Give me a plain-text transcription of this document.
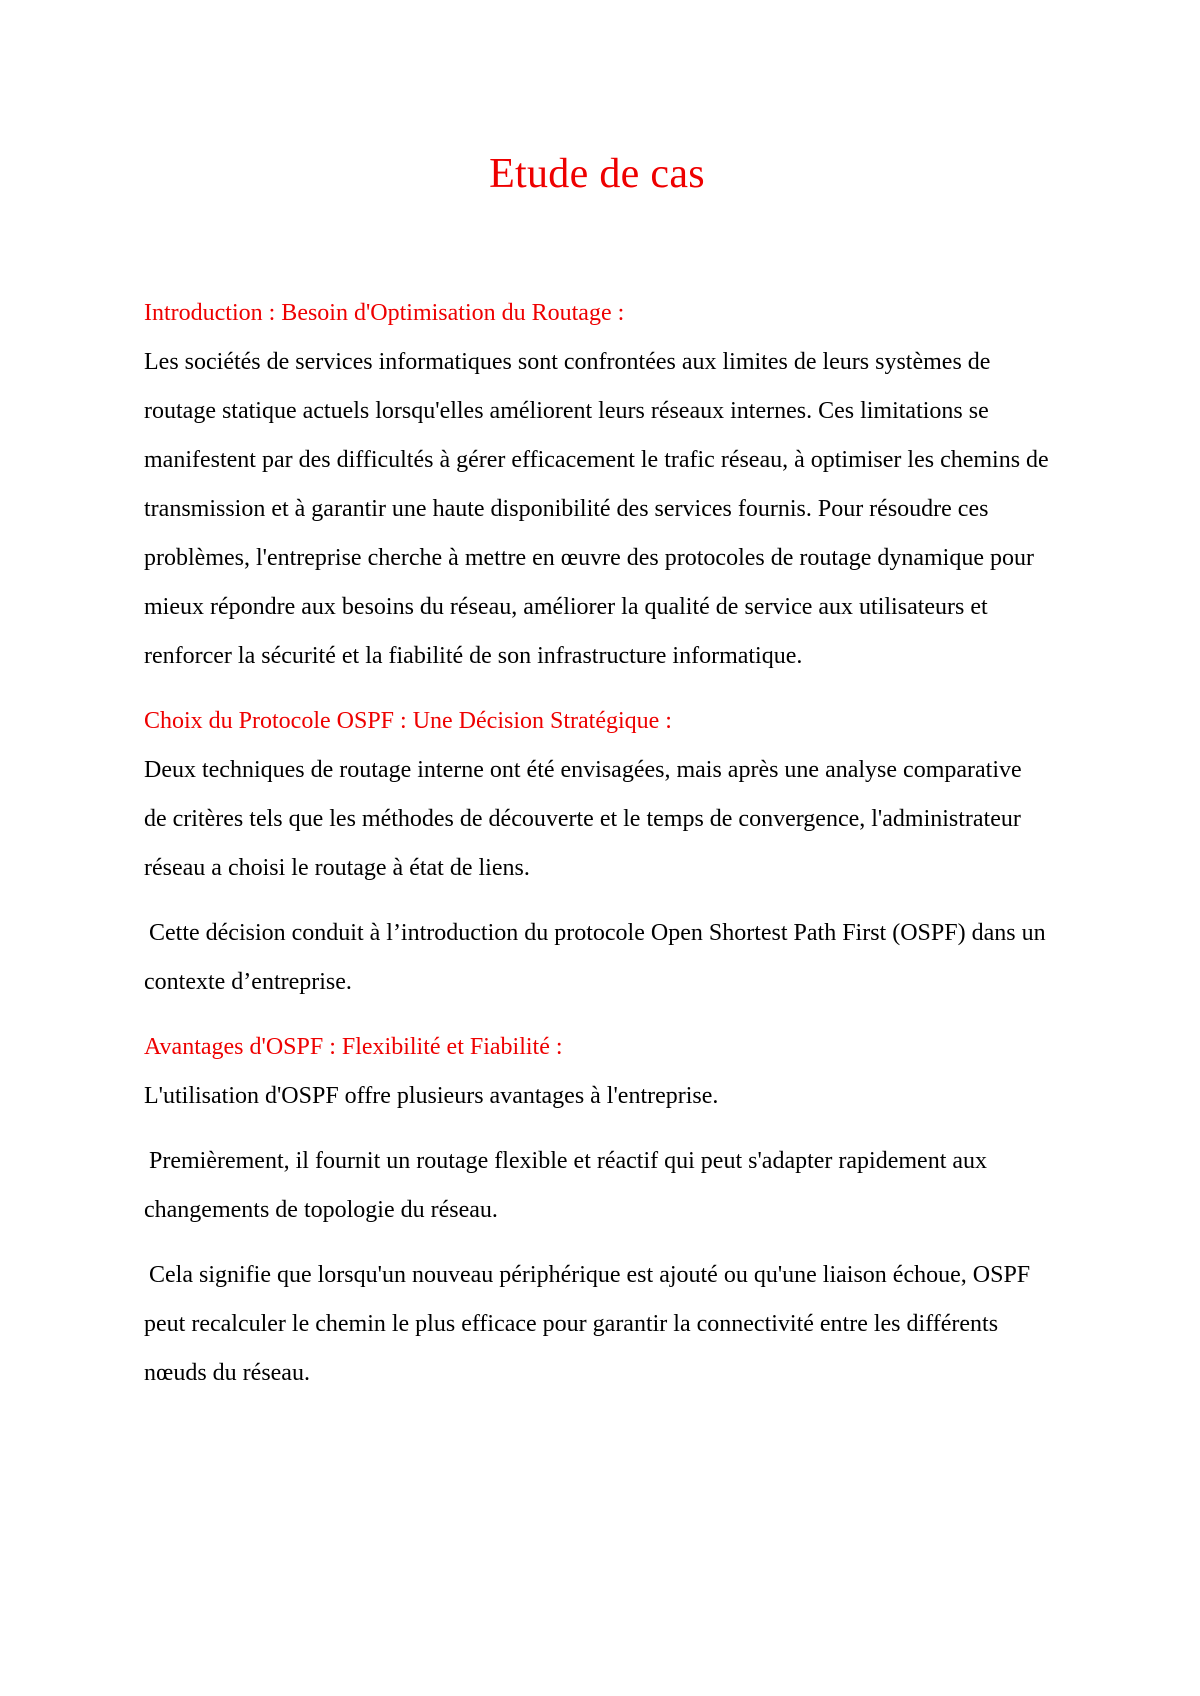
Etude de cas
Introduction : Besoin d'Optimisation du Routage :

Les sociétés de services informatiques sont confrontées aux limites de leurs systèmes de routage statique actuels lorsqu'elles améliorent leurs réseaux internes. Ces limitations se manifestent par des difficultés à gérer efficacement le trafic réseau, à optimiser les chemins de transmission et à garantir une haute disponibilité des services fournis. Pour résoudre ces problèmes, l'entreprise cherche à mettre en œuvre des protocoles de routage dynamique pour mieux répondre aux besoins du réseau, améliorer la qualité de service aux utilisateurs et renforcer la sécurité et la fiabilité de son infrastructure informatique.

Choix du Protocole OSPF : Une Décision Stratégique :

Deux techniques de routage interne ont été envisagées, mais après une analyse comparative de critères tels que les méthodes de découverte et le temps de convergence, l'administrateur réseau a choisi le routage à état de liens.

Cette décision conduit à l’introduction du protocole Open Shortest Path First (OSPF) dans un contexte d’entreprise.

Avantages d'OSPF : Flexibilité et Fiabilité :

L'utilisation d'OSPF offre plusieurs avantages à l'entreprise.

Premièrement, il fournit un routage flexible et réactif qui peut s'adapter rapidement aux changements de topologie du réseau.

Cela signifie que lorsqu'un nouveau périphérique est ajouté ou qu'une liaison échoue, OSPF peut recalculer le chemin le plus efficace pour garantir la connectivité entre les différents nœuds du réseau.
